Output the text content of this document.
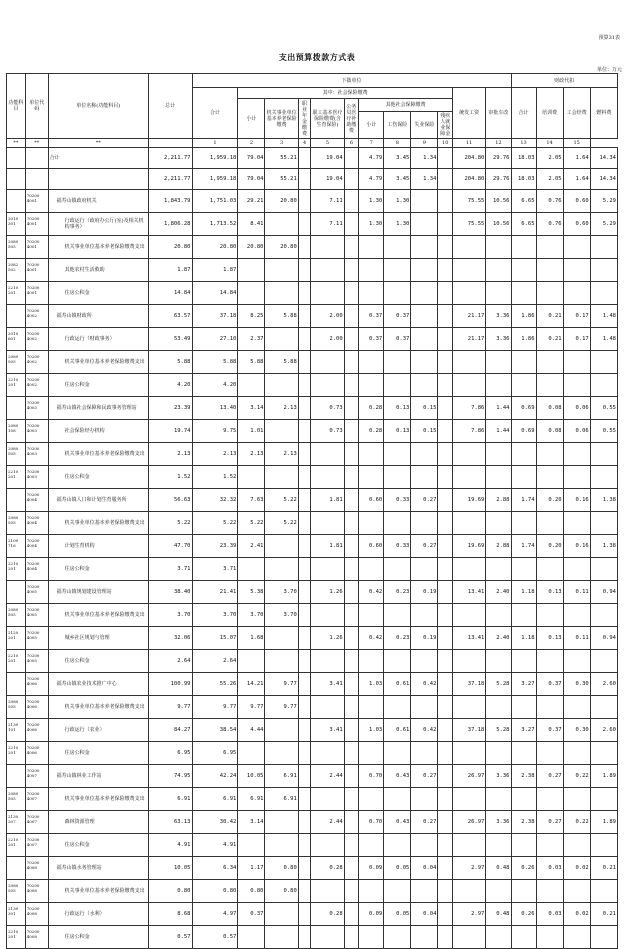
预算31表
支出预算拨款方式表
单位：万元
功能科目	单位代码	单位名称(功能科目)	总计	下拨单位												财政代扣			
				合计	其中：社会保险缴费									统发工资	审批车改	合计	培训费	工会经费	燃料费
					小计	机关事业单位基本养老保险缴费	职业年金缴费	职工基本医疗保险缴费(含生育保险)	公务员医疗补助缴费	其他社会保障缴费									
										小计	工伤保险	失业保险	残疾人就业保障金						
**	**	**		1	2	3	4	5	6	7	8	9	10	11	12	13	14	15	
		合计	2,211.77	1,959.18	79.04	55.21		19.04		4.79	3.45	1.34		204.80	29.76	18.03	2.05	1.64	14.34
			2,211.77	1,959.18	79.04	55.21		19.04		4.79	3.45	1.34		204.80	29.76	18.03	2.05	1.64	14.34
	70200 4001	福寿山镇政府机关	1,843.79	1,751.03	29.21	20.80		7.11		1.30	1.30			75.55	10.56	6.65	0.76	0.60	5.29
2010 301	70200 4001	行政运行（政府办公厅(室)及相关机构事务）	1,806.28	1,713.52	8.41			7.11		1.30	1.30			75.55	10.56	6.65	0.76	0.60	5.29
2080 505	70200 4001	机关事业单位基本养老保险缴费支出	20.80	20.80	20.80	20.80													
2082 502	70200 4001	其他农村生活救助	1.87	1.87															
2210 201	70200 4001	住房公积金	14.84	14.84															
	70200 4002	福寿山镇财政所	63.57	37.18	8.25	5.88		2.00		0.37	0.37			21.17	3.36	1.86	0.21	0.17	1.48
2010 601	70200 4002	行政运行（财政事务）	53.49	27.10	2.37			2.00		0.37	0.37			21.17	3.36	1.86	0.21	0.17	1.48
2080 505	70200 4002	机关事业单位基本养老保险缴费支出	5.88	5.88	5.88	5.88													
2210 201	70200 4002	住房公积金	4.20	4.20															
	70200 4003	福寿山镇社会保障和民政事务管理站	23.39	13.40	3.14	2.13		0.73		0.28	0.13	0.15		7.86	1.44	0.69	0.08	0.06	0.55
2080 108	70200 4003	社会保险经办机构	19.74	9.75	1.01			0.73		0.28	0.13	0.15		7.86	1.44	0.69	0.08	0.06	0.55
2080 505	70200 4003	机关事业单位基本养老保险缴费支出	2.13	2.13	2.13	2.13													
2210 201	70200 4003	住房公积金	1.52	1.52															
	70200 4004	福寿山镇人口和计划生育服务所	56.63	32.32	7.63	5.22		1.81		0.60	0.33	0.27		19.69	2.88	1.74	0.20	0.16	1.38
2080 505	70200 4004	机关事业单位基本养老保险缴费支出	5.22	5.22	5.22	5.22													
2100 716	70200 4004	计划生育机构	47.70	23.39	2.41			1.81		0.60	0.33	0.27		19.69	2.88	1.74	0.20	0.16	1.38
2210 201	70200 4004	住房公积金	3.71	3.71															
	70200 4005	福寿山镇规划建设管理站	38.40	21.41	5.38	3.70		1.26		0.42	0.23	0.19		13.41	2.40	1.18	0.13	0.11	0.94
2080 505	70200 4005	机关事业单位基本养老保险缴费支出	3.70	3.70	3.70	3.70													
2120 201	70200 4005	城乡社区规划与管理	32.06	15.07	1.68			1.26		0.42	0.23	0.19		13.41	2.40	1.18	0.13	0.11	0.94
2210 201	70200 4005	住房公积金	2.64	2.64															
	70200 4006	福寿山镇农业技术推广中心	100.99	55.26	14.21	9.77		3.41		1.03	0.61	0.42		37.18	5.28	3.27	0.37	0.30	2.60
2080 505	70200 4006	机关事业单位基本养老保险缴费支出	9.77	9.77	9.77	9.77													
2130 101	70200 4006	行政运行（农业）	84.27	38.54	4.44			3.41		1.03	0.61	0.42		37.18	5.28	3.27	0.37	0.30	2.60
2210 201	70200 4006	住房公积金	6.95	6.95															
	70200 4007	福寿山镇林业工作站	74.95	42.24	10.05	6.91		2.44		0.70	0.43	0.27		26.97	3.36	2.38	0.27	0.22	1.89
2080 505	70200 4007	机关事业单位基本养老保险缴费支出	6.91	6.91	6.91	6.91													
2130 207	70200 4007	森林资源管理	63.13	30.42	3.14			2.44		0.70	0.43	0.27		26.97	3.36	2.38	0.27	0.22	1.89
2210 201	70200 4007	住房公积金	4.91	4.91															
	70200 4008	福寿山镇水务管理站	10.05	6.34	1.17	0.80		0.28		0.09	0.05	0.04		2.97	0.48	0.26	0.03	0.02	0.21
2080 505	70200 4008	机关事业单位基本养老保险缴费支出	0.80	0.80	0.80	0.80													
2130 301	70200 4008	行政运行（水利）	8.68	4.97	0.37			0.28		0.09	0.05	0.04		2.97	0.48	0.26	0.03	0.02	0.21
2210 201	70200 4008	住房公积金	0.57	0.57															
